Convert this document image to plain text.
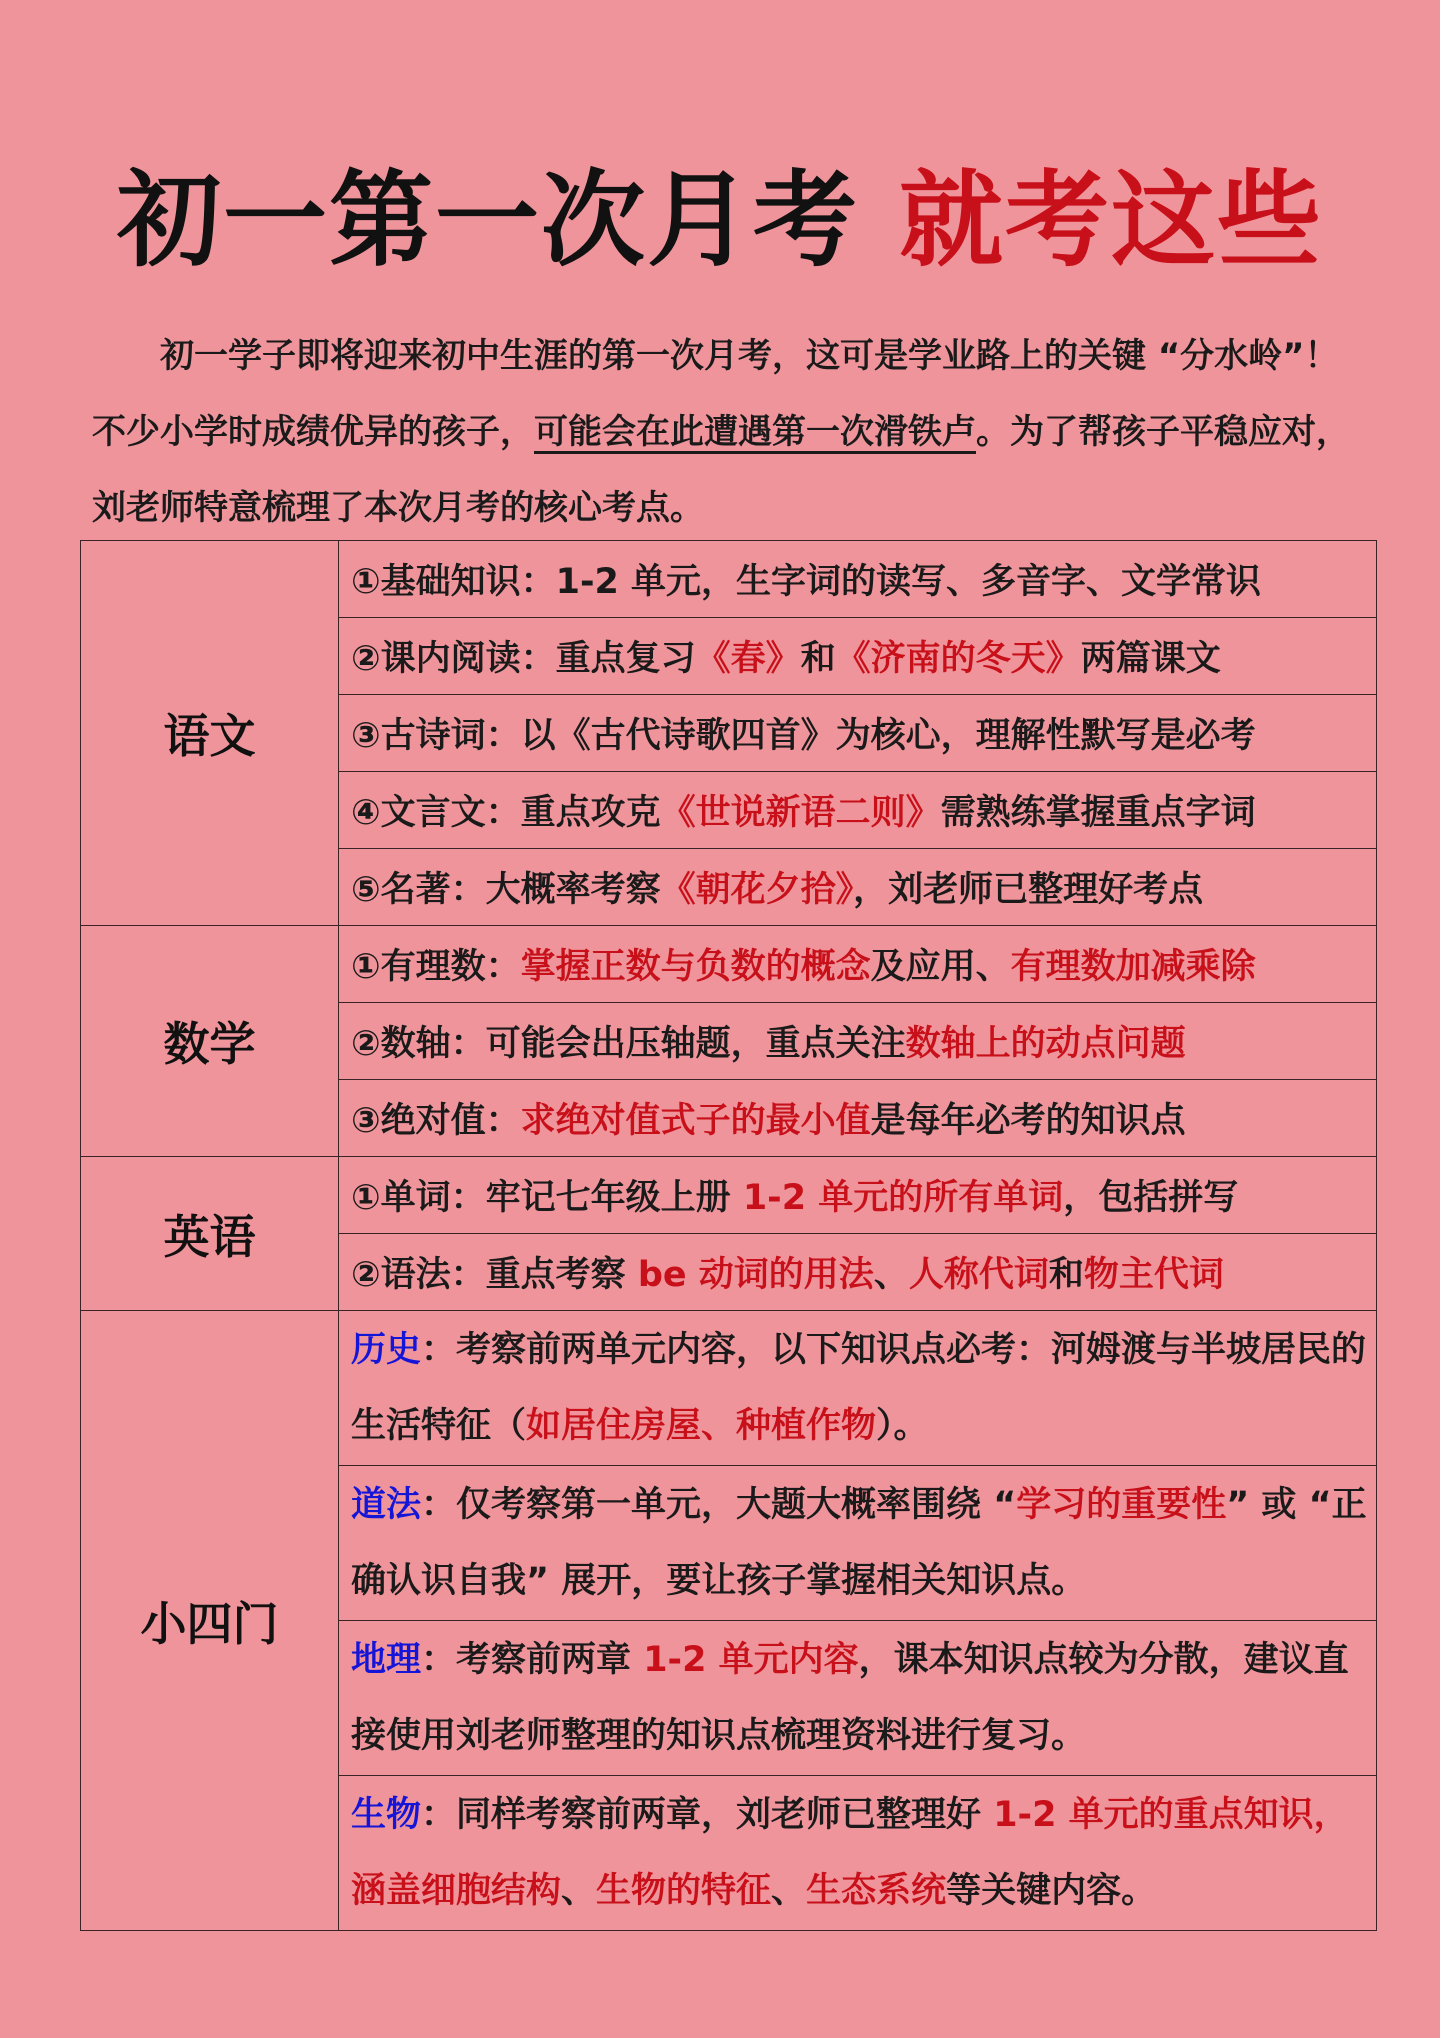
初一第一次月考 就考这些
初一学子即将迎来初中生涯的第一次月考，这可是学业路上的关键 “分水岭”！不少小学时成绩优异的孩子，可能会在此遭遇第一次滑铁卢。为了帮孩子平稳应对，刘老师特意梳理了本次月考的核心考点。
语文	①基础知识：1-2 单元，生字词的读写、多音字、文学常识
	②课内阅读：重点复习《春》和《济南的冬天》两篇课文
	③古诗词：以《古代诗歌四首》为核心，理解性默写是必考
	④文言文：重点攻克《世说新语二则》需熟练掌握重点字词
	⑤名著：大概率考察《朝花夕拾》，刘老师已整理好考点
数学	①有理数：掌握正数与负数的概念及应用、有理数加减乘除
	②数轴：可能会出压轴题，重点关注数轴上的动点问题
	③绝对值：求绝对值式子的最小值是每年必考的知识点
英语	①单词：牢记七年级上册 1-2 单元的所有单词，包括拼写
	②语法：重点考察 be 动词的用法、人称代词和物主代词
小四门	历史：考察前两单元内容，以下知识点必考：河姆渡与半坡居民的生活特征（如居住房屋、种植作物）。
	道法：仅考察第一单元，大题大概率围绕 “学习的重要性” 或 “正确认识自我” 展开，要让孩子掌握相关知识点。
	地理：考察前两章 1-2 单元内容，课本知识点较为分散，建议直接使用刘老师整理的知识点梳理资料进行复习。
	生物：同样考察前两章，刘老师已整理好 1-2 单元的重点知识，涵盖细胞结构、生物的特征、生态系统等关键内容。
